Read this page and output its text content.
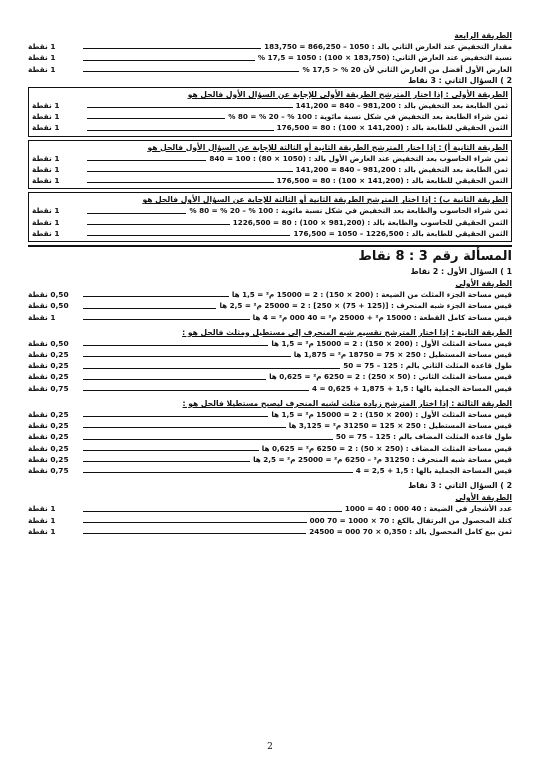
الطريقة الرابعة
1 نقطة	مقدار التخفيض عند العارض الثاني بالد : 1050 – 866,250 = 183,750
1 نقطة	نسبة التخفيض عند العارض الثاني: (183,750 × 100) : 1050 = 17,5 %
1 نقطة	العارض الأول أفضل من العارض الثاني لأن 20 % < 17,5 %
2 ) السؤال الثاني : 3 نقاط
الطريقة الأولى : إذا اختار المترشح الطريقة الأولى للإجابة عن السؤال الأول فالحل هو
1 نقطة	ثمن الطابعة بعد التخفيض بالد : 981,200 – 840 = 141,200
1 نقطة	ثمن شراء الطابعة بعد التخفيض في شكل نسبة مائوية : 100 % – 20 % = 80 %
1 نقطة	الثمن الحقيقي للطابعة بالد : (141,200 × 100) : 80 = 176,500
الطريقة الثانية أ) : إذا اختار المترشح الطريقة الثانية أو الثالثة للإجابة عن السؤال الأول فالحل هو
1 نقطة	ثمن شراء الحاسوب بعد التخفيض عند العارض الأول بالد : (1050 × 80) : 100 = 840
1 نقطة	ثمن الطابعة بعد التخفيض بالد : 981,200 – 840 = 141,200
1 نقطة	الثمن الحقيقي للطابعة بالد : (141,200 × 100) : 80 = 176,500
الطريقة الثانية ب) : إذا اختار المترشح الطريقة الثانية أو الثالثة للإجابة عن السؤال الأول فالحل هو
1 نقطة	ثمن شراء الحاسوب والطابعة بعد التخفيض في شكل نسبة مائوية : 100 % – 20 % = 80 %
1 نقطة	الثمن الحقيقي للحاسوب والطابعة بالد : (981,200 × 100) : 80 = 1226,500
1 نقطة	الثمن الحقيقي للطابعة بالد : 1226,500 – 1050 = 176,500
المسألة رقم 3 : 8 نقاط
1 ) السؤال الأول : 2 نقاط
الطريقة الأولى
0,50 نقطة	قيس مساحة الجزء المثلث من الضيعة : (200 × 150) : 2 = 15000 م² = 1,5 ها
0,50 نقطة	قيس مساحة الجزء شبه المنحرف : [(125 + 75) × 250] : 2 = 25000 م² = 2,5 ها
1 نقطة	قيس مساحة كامل القطعة : 15000 م² + 25000 م² = 40 000 م² = 4 ها
الطريقة الثانية : إذا اختار المترشح تقسيم شبه المنحرف إلى مستطيل ومثلث فالحل هو :
0,50 نقطة	قيس مساحة المثلث الأول : (200 × 150) : 2 = 15000 م² = 1,5 ها
0,25 نقطة	قيس مساحة المستطيل : 250 × 75 = 18750 م² = 1,875 ها
0,25 نقطة	طول قاعدة المثلث الثاني بالم : 125 – 75 = 50
0,25 نقطة	قيس مساحة المثلث الثاني : (50 × 250) : 2 = 6250 م² = 0,625 ها
0,75 نقطة	قيس المساحة الجملية بالها : 1,5 + 1,875 + 0,625 = 4
الطريقة الثالثة : إذا اختار المترشح زيادة مثلث لشبه المنحرف ليصبح مستطيلا فالحل هو :
0,25 نقطة	قيس مساحة المثلث الأول : (200 × 150) : 2 = 15000 م² = 1,5 ها
0,25 نقطة	قيس مساحة المستطيل : 250 × 125 = 31250 م² = 3,125 ها
0,25 نقطة	طول قاعدة المثلث المضاف بالم : 125 – 75 = 50
0,25 نقطة	قيس مساحة المثلث المضاف : (250 × 50) : 2 = 6250 م² = 0,625 ها
0,25 نقطة	قيس مساحة شبه المنحرف : 31250 م² – 6250 م² = 25000 م² = 2,5 ها
0,75 نقطة	قيس المساحة الجملية بالها : 1,5 + 2,5 = 4
2 ) السؤال الثاني : 3 نقاط
الطريقة الأولى
1 نقطة	عدد الأشجار في الضيعة : 40 000 : 40 = 1000
1 نقطة	كتلة المحصول من البرتقال بالكغ : 70 × 1000 = 70 000
1 نقطة	ثمن بيع كامل المحصول بالد : 0,350 × 70 000 = 24500
2
